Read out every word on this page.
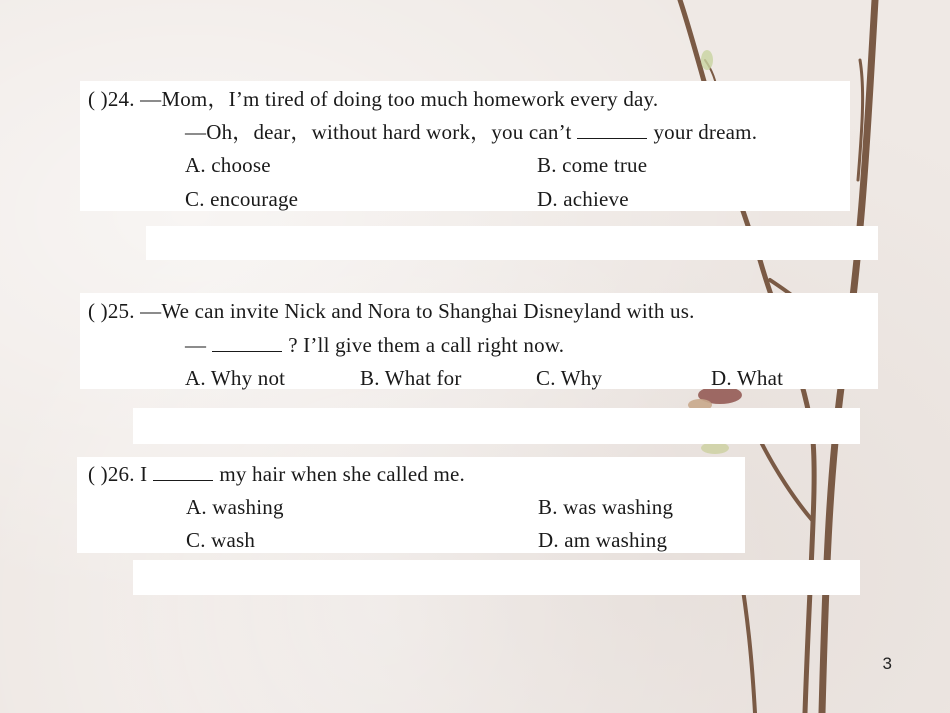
( )24. —Mom，I’m tired of doing too much homework every day.
—Oh，dear，without hard work，you can’t	your dream.
A. choose	B. come true
C. encourage	D. achieve
( )25. —We can invite Nick and Nora to Shanghai Disneyland with us.
—	? I’ll give them a call right now.
A. Why not	B. What for	C. Why	D. What
( )26. I	my hair when she called me.
A. washing	B. was washing
C. wash	D. am washing
3
